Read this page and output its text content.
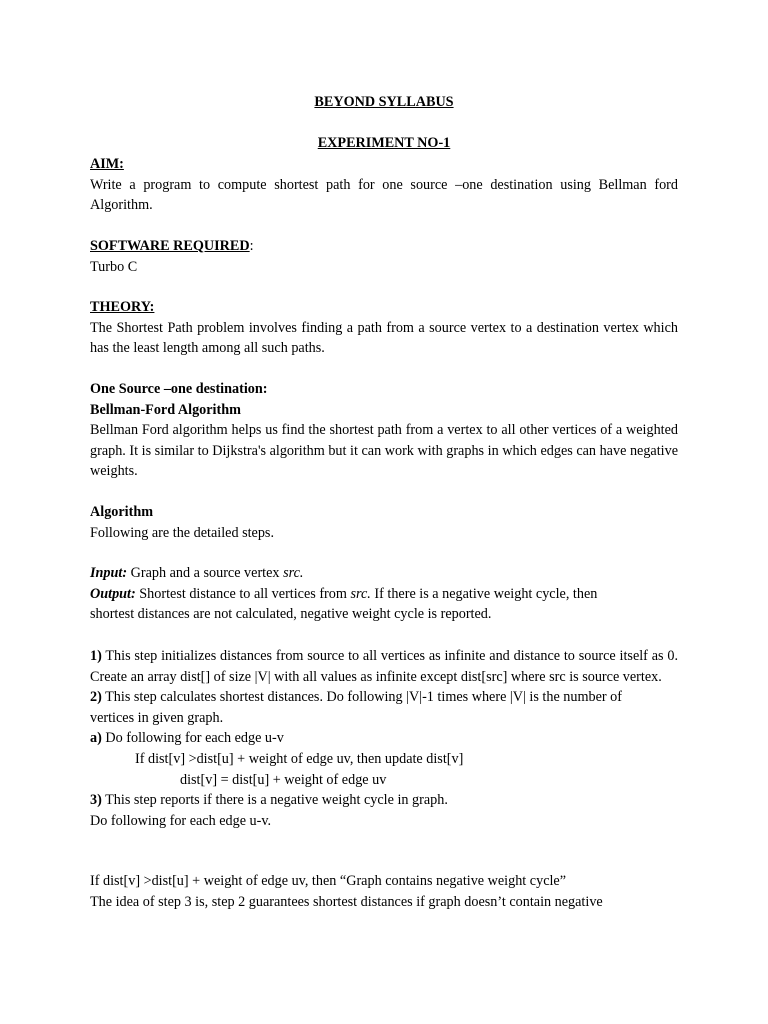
BEYOND SYLLABUS
EXPERIMENT NO-1

AIM:

Write a program to compute shortest path for one source –one destination using Bellman ford Algorithm.

SOFTWARE REQUIRED:

Turbo C

THEORY:

The Shortest Path problem involves finding a path from a source vertex to a destination vertex which has the least length among all such paths.

One Source –one destination:

Bellman-Ford Algorithm

Bellman Ford algorithm helps us find the shortest path from a vertex to all other vertices of a weighted graph. It is similar to Dijkstra's algorithm but it can work with graphs in which edges can have negative weights.

Algorithm

Following are the detailed steps.

Input: Graph and a source vertex src.

Output: Shortest distance to all vertices from src. If there is a negative weight cycle, then shortest distances are not calculated, negative weight cycle is reported.

1) This step initializes distances from source to all vertices as infinite and distance to source itself as 0. Create an array dist[] of size |V| with all values as infinite except dist[src] where src is source vertex.

2) This step calculates shortest distances. Do following |V|-1 times where |V| is the number of vertices in given graph.

a) Do following for each edge u-v

If dist[v] >dist[u] + weight of edge uv, then update dist[v]

dist[v] = dist[u] + weight of edge uv

3) This step reports if there is a negative weight cycle in graph.

Do following for each edge u-v.

If dist[v] >dist[u] + weight of edge uv, then “Graph contains negative weight cycle”

The idea of step 3 is, step 2 guarantees shortest distances if graph doesn’t contain negative
